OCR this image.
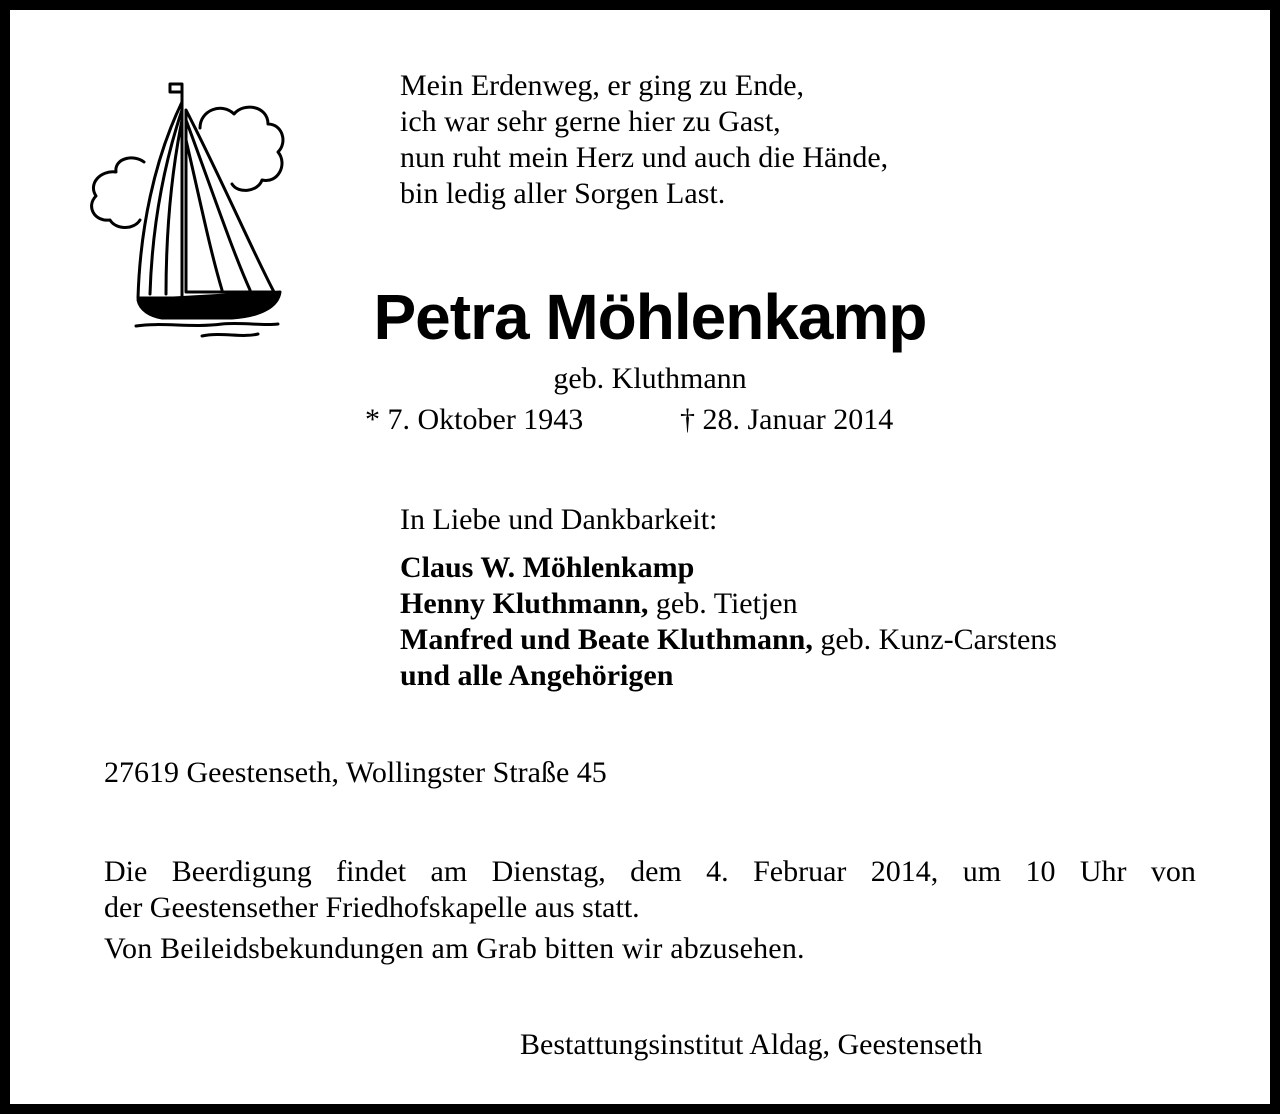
Mein Erdenweg, er ging zu Ende,
ich war sehr gerne hier zu Gast,
nun ruht mein Herz und auch die Hände,
bin ledig aller Sorgen Last.
Petra Möhlenkamp
geb. Kluthmann
* 7. Oktober 1943	† 28. Januar 2014
In Liebe und Dankbarkeit:
Claus W. Möhlenkamp
Henny Kluthmann, geb. Tietjen
Manfred und Beate Kluthmann, geb. Kunz-Carstens
und alle Angehörigen
27619 Geestenseth, Wollingster Straße 45
Die Beerdigung findet am Dienstag, dem 4. Februar 2014, um 10 Uhr von
der Geestensether Friedhofskapelle aus statt.
Von Beileidsbekundungen am Grab bitten wir abzusehen.
Bestattungsinstitut Aldag, Geestenseth
